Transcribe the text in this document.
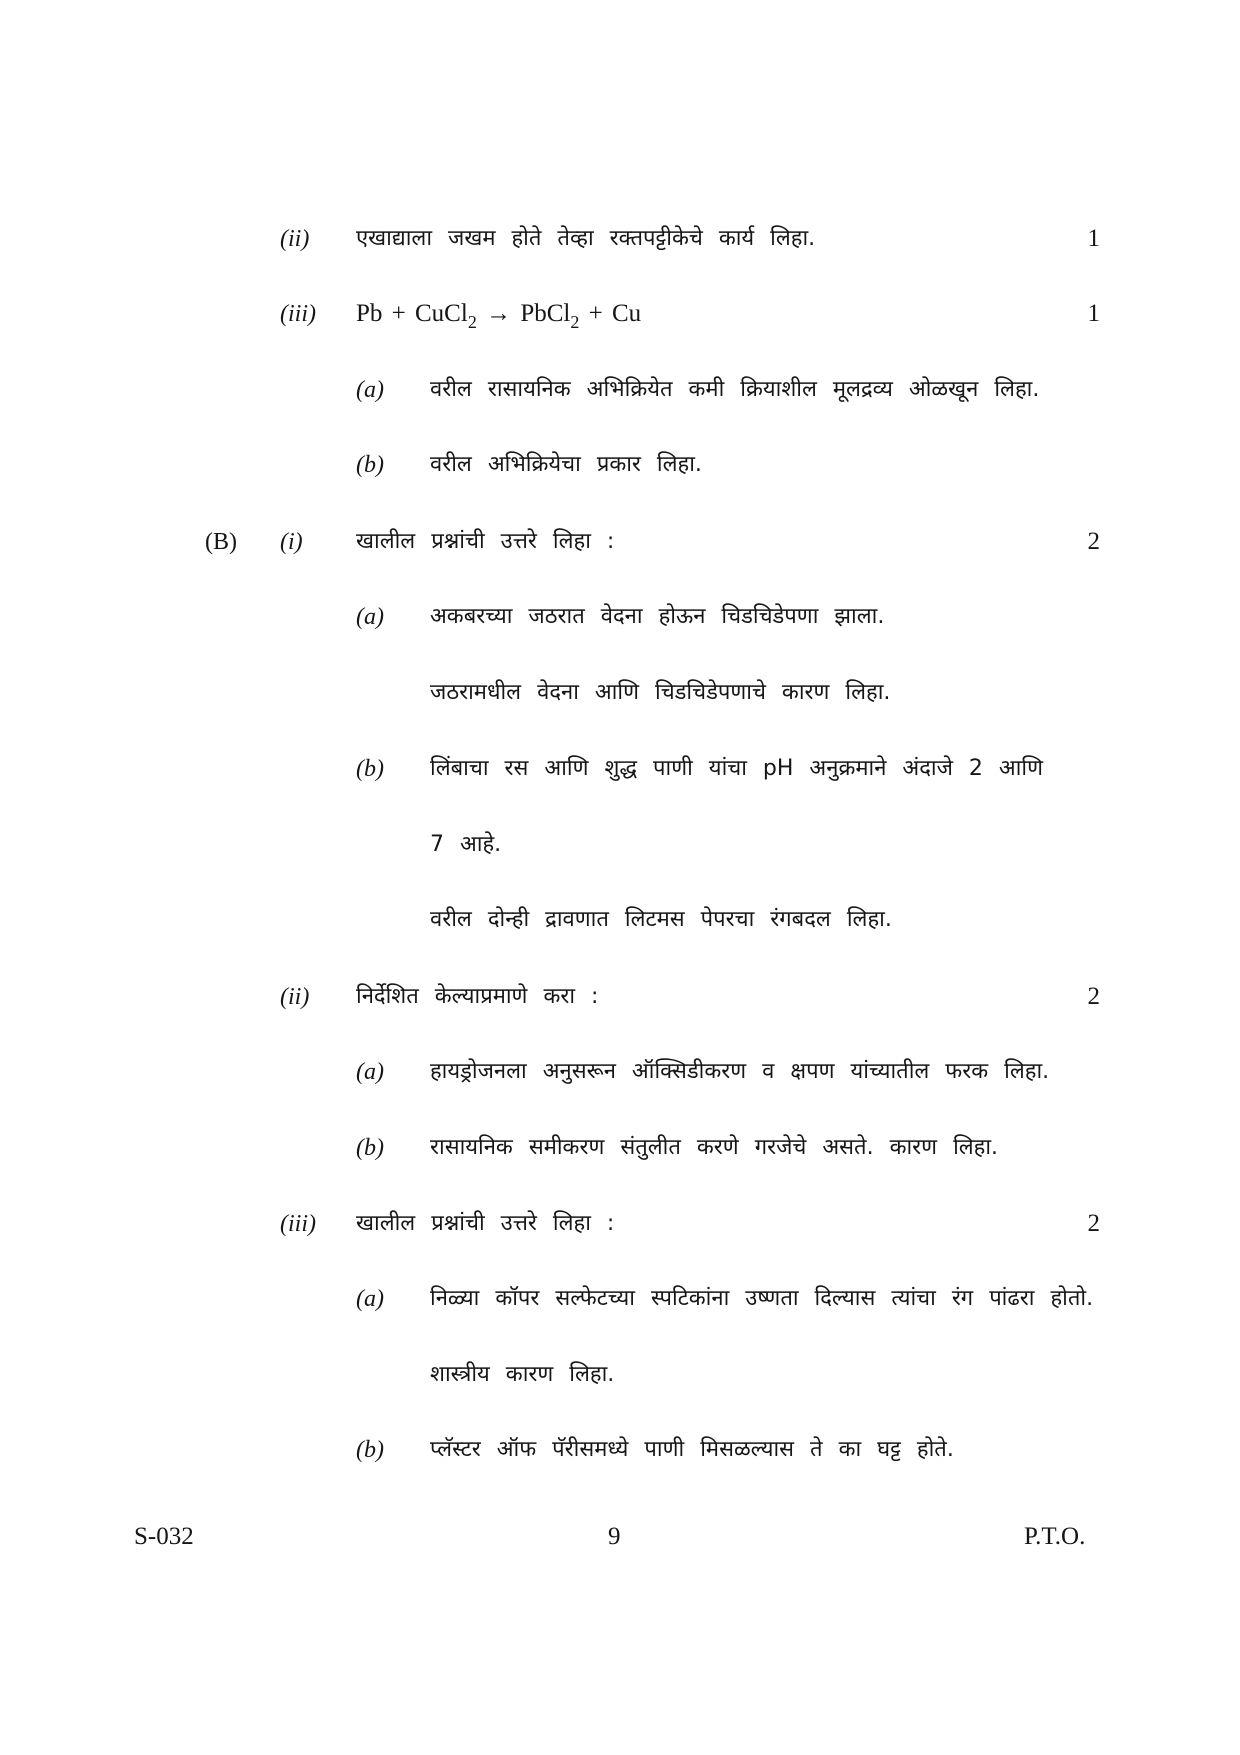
(ii) एखाद्याला जखम होते तेव्हा रक्तपट्टीकेचे कार्य लिहा.	1
(iii) Pb + CuCl$_2$ → PbCl$_2$ + Cu	1
(a) वरील रासायनिक अभिक्रियेत कमी क्रियाशील मूलद्रव्य ओळखून लिहा.
(b) वरील अभिक्रियेचा प्रकार लिहा.
(B) (i) खालील प्रश्नांची उत्तरे लिहा :	2
(a) अकबरच्या जठरात वेदना होऊन चिडचिडेपणा झाला.
जठरामधील वेदना आणि चिडचिडेपणाचे कारण लिहा.
(b) लिंबाचा रस आणि शुद्ध पाणी यांचा pH अनुक्रमाने अंदाजे 2 आणि
7 आहे.
वरील दोन्ही द्रावणात लिटमस पेपरचा रंगबदल लिहा.
(ii) निर्देशित केल्याप्रमाणे करा :	2
(a) हायड्रोजनला अनुसरून ऑक्सिडीकरण व क्षपण यांच्यातील फरक लिहा.
(b) रासायनिक समीकरण संतुलीत करणे गरजेचे असते. कारण लिहा.
(iii) खालील प्रश्नांची उत्तरे लिहा :	2
(a) निळ्या कॉपर सल्फेटच्या स्पटिकांना उष्णता दिल्यास त्यांचा रंग पांढरा होतो.
शास्त्रीय कारण लिहा.
(b) प्लॅस्टर ऑफ पॅरीसमध्ये पाणी मिसळल्यास ते का घट्ट होते.
S-032	9	P.T.O.
